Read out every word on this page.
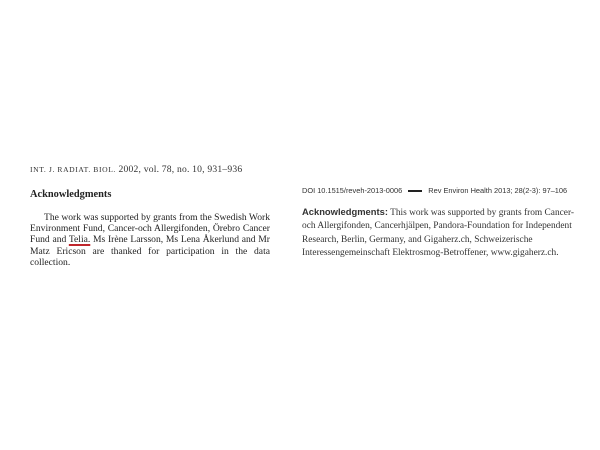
INT. J. RADIAT. BIOL. 2002, vol. 78, no. 10, 931–936
Acknowledgments

The work was supported by grants from the Swedish Work Environment Fund, Cancer-och Allergifonden, Örebro Cancer Fund and Telia. Ms Irène Larsson, Ms Lena Åkerlund and Mr Matz Ericson are thanked for participation in the data collection.

DOI 10.1515/reveh-2013-0006	Rev Environ Health 2013; 28(2-3): 97–106
Acknowledgments: This work was supported by grants from Cancer-och Allergifonden, Cancerhjälpen, Pandora-Foundation for Independent Research, Berlin, Germany, and Gigaherz.ch, Schweizerische Interessengemeinschaft Elektrosmog-Betroffener, www.gigaherz.ch.
